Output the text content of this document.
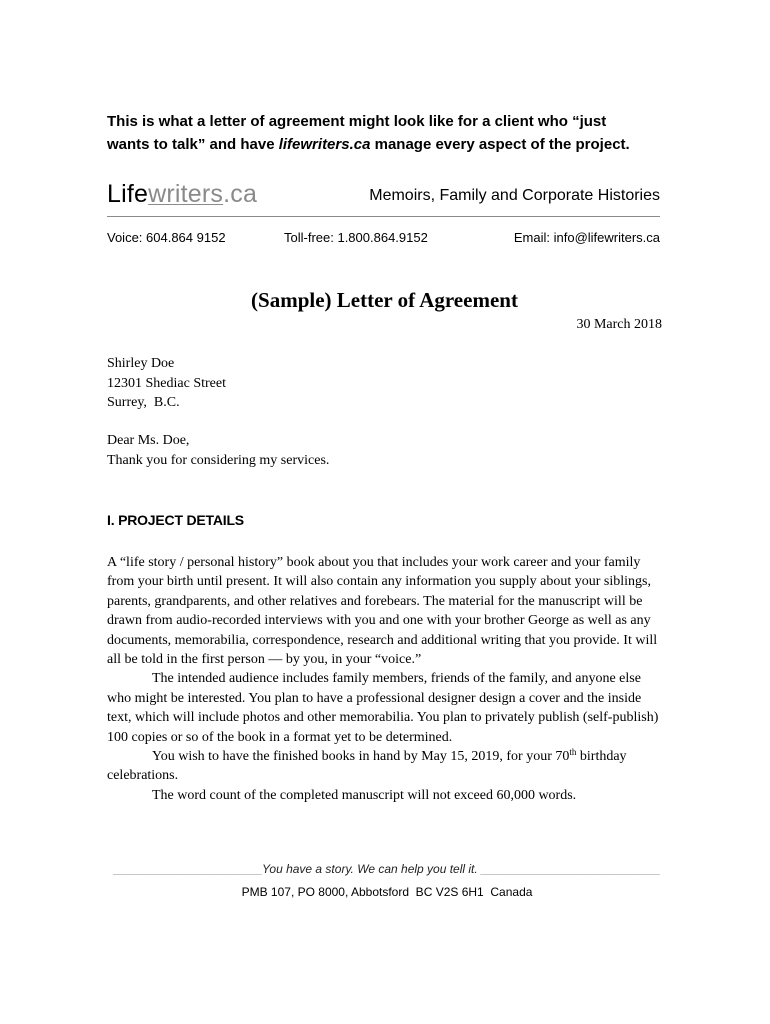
This is what a letter of agreement might look like for a client who “just
wants to talk” and have lifewriters.ca manage every aspect of the project.
Lifewriters.ca	Memoirs, Family and Corporate Histories
Voice: 604.864 9152	Toll-free: 1.800.864.9152	Email: info@lifewriters.ca
(Sample) Letter of Agreement
30 March 2018
Shirley Doe
12301 Shediac Street
Surrey,  B.C.
Dear Ms. Doe,
Thank you for considering my services.
I. PROJECT DETAILS

A “life story / personal history” book about you that includes your work career and your family from your birth until present. It will also contain any information you supply about your siblings, parents, grandparents, and other relatives and forebears. The material for the manuscript will be drawn from audio-recorded interviews with you and one with your brother George as well as any documents, memorabilia, correspondence, research and additional writing that you provide. It will all be told in the first person — by you, in your “voice.”

The intended audience includes family members, friends of the family, and anyone else who might be interested. You plan to have a professional designer design a cover and the inside text, which will include photos and other memorabilia. You plan to privately publish (self-publish) 100 copies or so of the book in a format yet to be determined.

You wish to have the finished books in hand by May 15, 2019, for your 70th birthday celebrations.

The word count of the completed manuscript will not exceed 60,000 words.

________________________You have a story. We can help you tell it. _____________________________
PMB 107, PO 8000, Abbotsford  BC V2S 6H1  Canada
